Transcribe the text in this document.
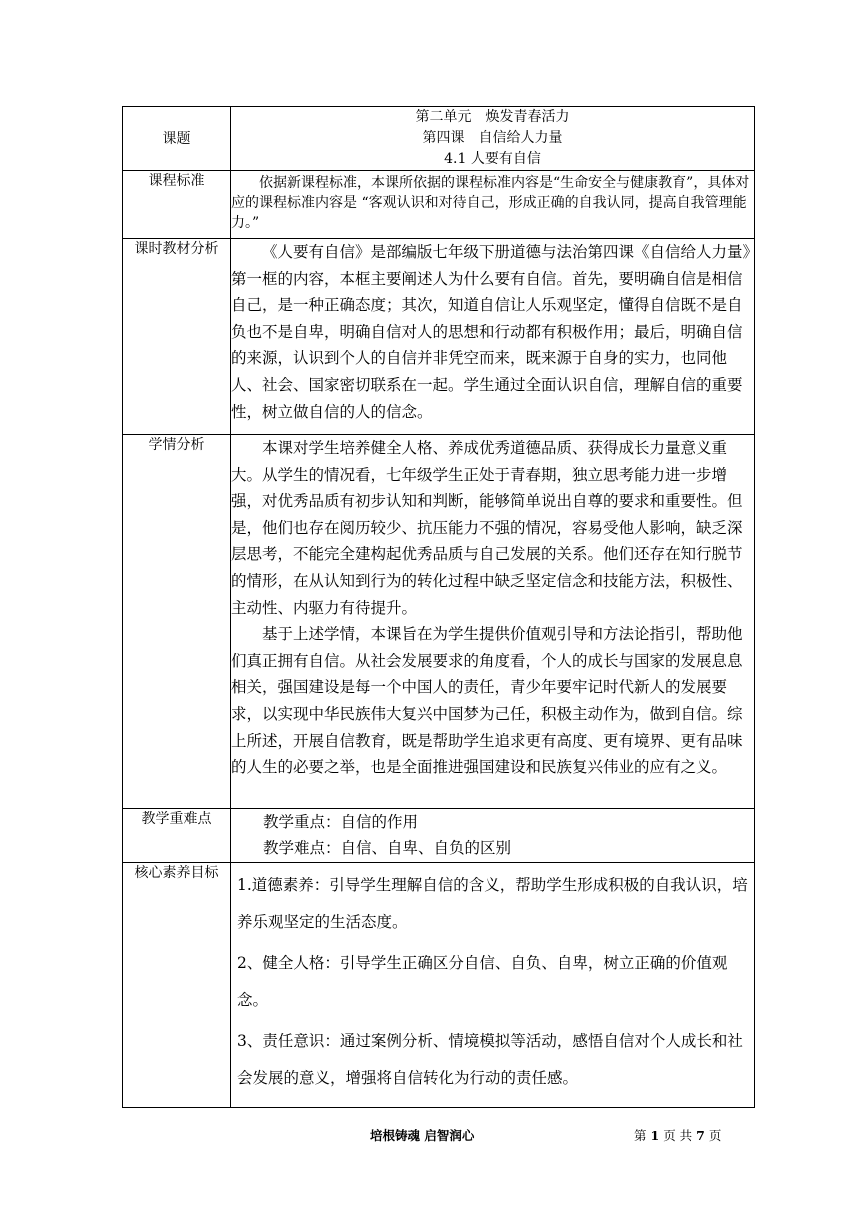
课题	第二单元　焕发青春活力
第四课　自信给人力量
4.1 人要有自信

课程标准	依据新课程标准，本课所依据的课程标准内容是“生命安全与健康教育”，具体对应的课程标准内容是 “客观认识和对待自己，形成正确的自我认同，提高自我管理能力。”

课时教材分析	《人要有自信》是部编版七年级下册道德与法治第四课《自信给人力量》第一框的内容，本框主要阐述人为什么要有自信。首先，要明确自信是相信自己，是一种正确态度；其次，知道自信让人乐观坚定，懂得自信既不是自负也不是自卑，明确自信对人的思想和行动都有积极作用；最后，明确自信的来源，认识到个人的自信并非凭空而来，既来源于自身的实力，也同他人、社会、国家密切联系在一起。学生通过全面认识自信，理解自信的重要性，树立做自信的人的信念。

学情分析	本课对学生培养健全人格、养成优秀道德品质、获得成长力量意义重大。从学生的情况看，七年级学生正处于青春期，独立思考能力进一步增强，对优秀品质有初步认知和判断，能够简单说出自尊的要求和重要性。但是，他们也存在阅历较少、抗压能力不强的情况，容易受他人影响，缺乏深层思考，不能完全建构起优秀品质与自己发展的关系。他们还存在知行脱节的情形，在从认知到行为的转化过程中缺乏坚定信念和技能方法，积极性、主动性、内驱力有待提升。

基于上述学情，本课旨在为学生提供价值观引导和方法论指引，帮助他们真正拥有自信。从社会发展要求的角度看，个人的成长与国家的发展息息相关，强国建设是每一个中国人的责任，青少年要牢记时代新人的发展要求，以实现中华民族伟大复兴中国梦为己任，积极主动作为，做到自信。综上所述，开展自信教育，既是帮助学生追求更有高度、更有境界、更有品味的人生的必要之举，也是全面推进强国建设和民族复兴伟业的应有之义。

教学重难点	教学重点：自信的作用

教学难点：自信、自卑、自负的区别

核心素养目标	1.道德素养：引导学生理解自信的含义，帮助学生形成积极的自我认识，培养乐观坚定的生活态度。

2、健全人格：引导学生正确区分自信、自负、自卑，树立正确的价值观念。

3、责任意识：通过案例分析、情境模拟等活动，感悟自信对个人成长和社会发展的意义，增强将自信转化为行动的责任感。

培根铸魂 启智润心	第 1 页 共 7 页
